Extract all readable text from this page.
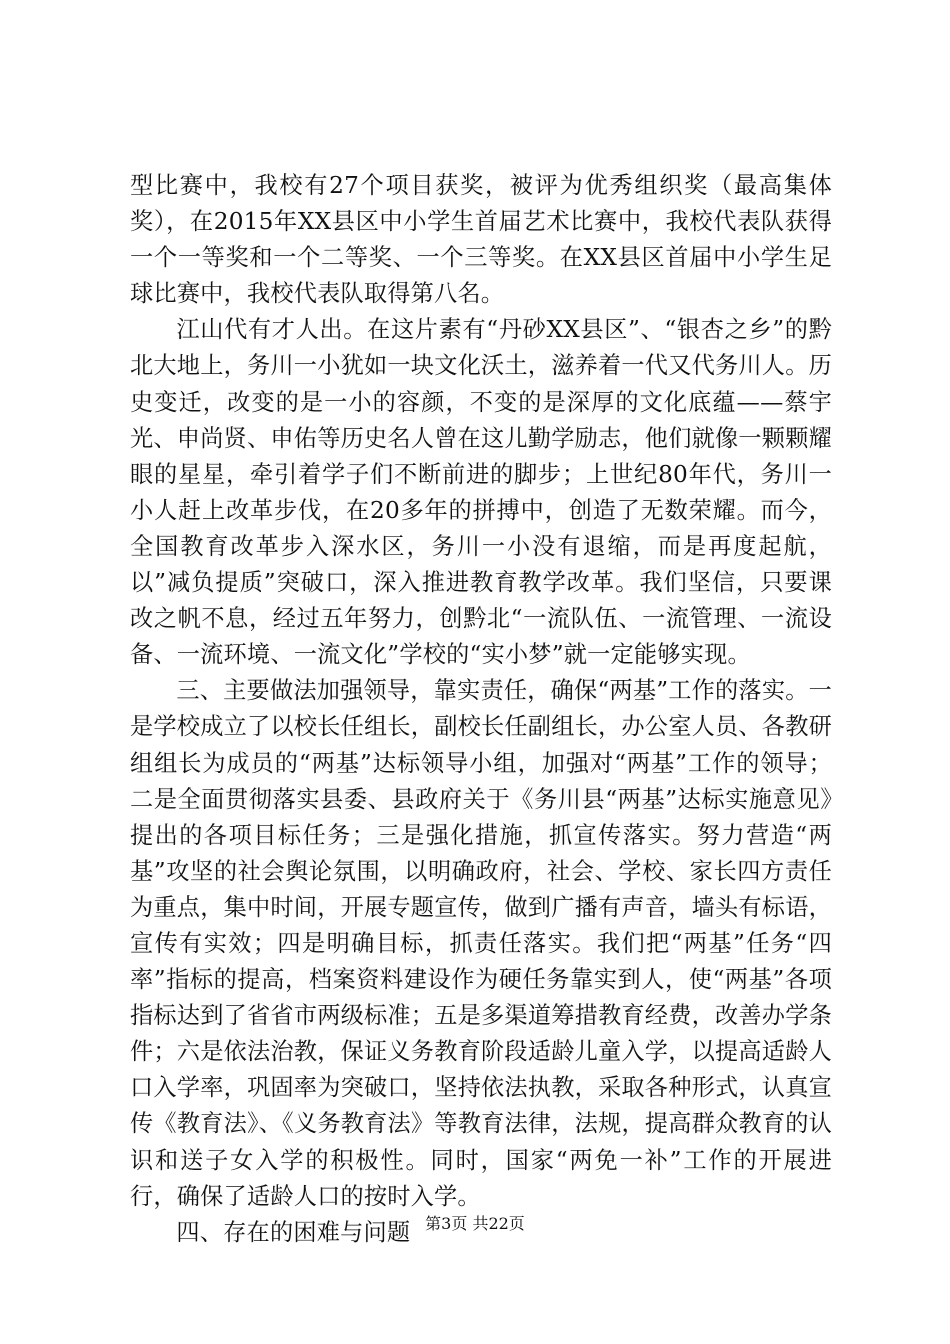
型比赛中，我校有27个项目获奖，被评为优秀组织奖（最高集体奖），在2015年XX县区中小学生首届艺术比赛中，我校代表队获得一个一等奖和一个二等奖、一个三等奖。在XX县区首届中小学生足球比赛中，我校代表队取得第八名。

江山代有才人出。在这片素有“丹砂XX县区”、“银杏之乡”的黔北大地上，务川一小犹如一块文化沃土，滋养着一代又代务川人。历史变迁，改变的是一小的容颜，不变的是深厚的文化底蕴——蔡宇光、申尚贤、申佑等历史名人曾在这儿勤学励志，他们就像一颗颗耀眼的星星，牵引着学子们不断前进的脚步；上世纪80年代，务川一小人赶上改革步伐，在20多年的拼搏中，创造了无数荣耀。而今，全国教育改革步入深水区，务川一小没有退缩，而是再度起航，以”减负提质”突破口，深入推进教育教学改革。我们坚信，只要课改之帆不息，经过五年努力，创黔北“一流队伍、一流管理、一流设备、一流环境、一流文化”学校的“实小梦”就一定能够实现。

三、主要做法加强领导，靠实责任，确保“两基”工作的落实。一是学校成立了以校长任组长，副校长任副组长，办公室人员、各教研组组长为成员的“两基”达标领导小组，加强对“两基”工作的领导；二是全面贯彻落实县委、县政府关于《务川县“两基”达标实施意见》提出的各项目标任务；三是强化措施，抓宣传落实。努力营造“两基”攻坚的社会舆论氛围，以明确政府，社会、学校、家长四方责任为重点，集中时间，开展专题宣传，做到广播有声音，墙头有标语，宣传有实效；四是明确目标，抓责任落实。我们把“两基”任务“四率”指标的提高，档案资料建设作为硬任务靠实到人，使“两基”各项指标达到了省省市两级标准；五是多渠道筹措教育经费，改善办学条件；六是依法治教，保证义务教育阶段适龄儿童入学，以提高适龄人口入学率，巩固率为突破口，坚持依法执教，采取各种形式，认真宣传《教育法》、《义务教育法》等教育法律，法规，提高群众教育的认识和送子女入学的积极性。同时，国家“两免一补”工作的开展进行，确保了适龄人口的按时入学。

四、存在的困难与问题 第3页 共22页
